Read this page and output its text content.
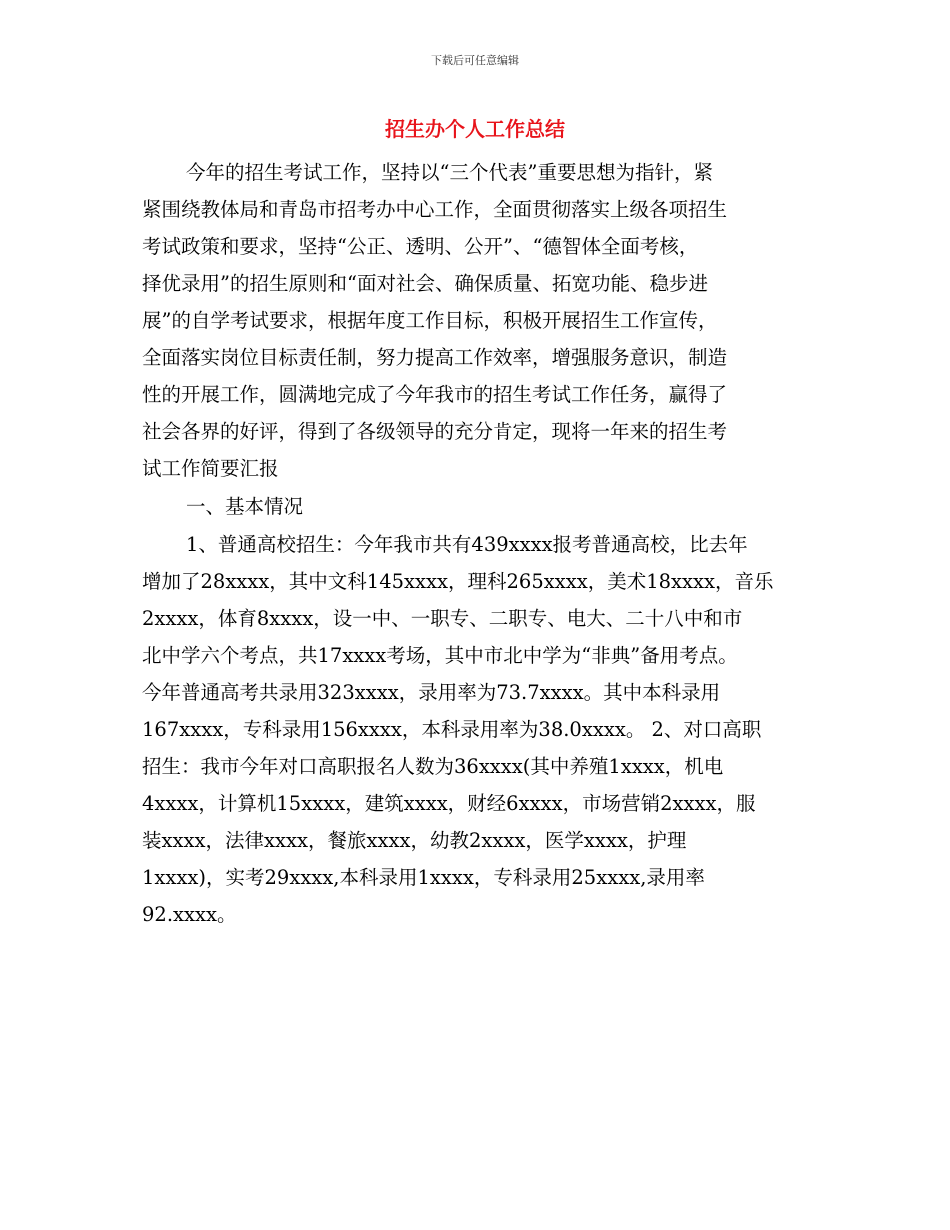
下载后可任意编辑
招生办个人工作总结
今年的招生考试工作，坚持以“三个代表”重要思想为指针，紧
紧围绕教体局和青岛市招考办中心工作，全面贯彻落实上级各项招生
考试政策和要求，坚持“公正、透明、公开”、“德智体全面考核，
择优录用”的招生原则和“面对社会、确保质量、拓宽功能、稳步进
展”的自学考试要求，根据年度工作目标，积极开展招生工作宣传，
全面落实岗位目标责任制，努力提高工作效率，增强服务意识，制造
性的开展工作，圆满地完成了今年我市的招生考试工作任务，赢得了
社会各界的好评，得到了各级领导的充分肯定，现将一年来的招生考
试工作简要汇报
一、基本情况
1、普通高校招生：今年我市共有439xxxx报考普通高校，比去年
增加了28xxxx，其中文科145xxxx，理科265xxxx，美术18xxxx，音乐
2xxxx，体育8xxxx，设一中、一职专、二职专、电大、二十八中和市
北中学六个考点，共17xxxx考场，其中市北中学为“非典”备用考点。
今年普通高考共录用323xxxx，录用率为73.7xxxx。其中本科录用
167xxxx，专科录用156xxxx，本科录用率为38.0xxxx。 2、对口高职
招生：我市今年对口高职报名人数为36xxxx(其中养殖1xxxx，机电
4xxxx，计算机15xxxx，建筑xxxx，财经6xxxx，市场营销2xxxx，服
装xxxx，法律xxxx，餐旅xxxx，幼教2xxxx，医学xxxx，护理
1xxxx)，实考29xxxx,本科录用1xxxx，专科录用25xxxx,录用率
92.xxxx。
